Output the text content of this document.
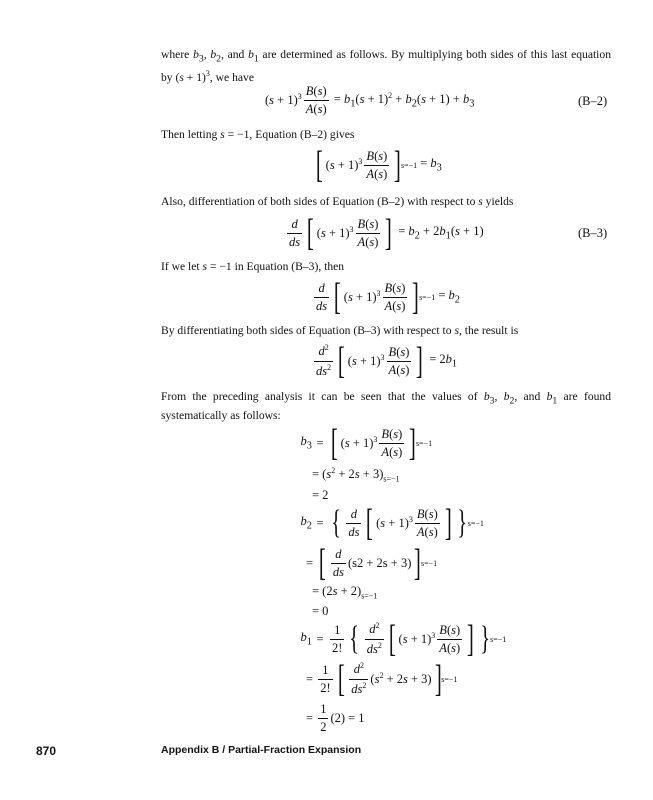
where $b_3$, $b_2$, and $b_1$ are determined as follows. By multiplying both sides of this last equation by $(s + 1)^3$, we have
$(s + 1)^3 \frac{B(s)}{A(s)} = b_1(s + 1)^2 + b_2(s + 1) + b_3$	(B–2)
Then letting s = −1, Equation (B–2) gives
[ $(s + 1)^3 \frac{B(s)}{A(s)}$ ] $s=-1 = b_3$
Also, differentiation of both sides of Equation (B–2) with respect to s yields
$\frac{d}{ds}$ [ $(s + 1)^3 \frac{B(s)}{A(s)}$ ] = $b_2 + 2b_1(s + 1)$	(B–3)
If we let s = −1 in Equation (B–3), then
$\frac{d}{ds}$ [ $(s + 1)^3 \frac{B(s)}{A(s)}$ ] $s=-1 = b_2$
By differentiating both sides of Equation (B–3) with respect to s, the result is
$\frac{d^2}{ds^2}$ [ $(s + 1)^3 \frac{B(s)}{A(s)}$ ] = $2b_1$
From the preceding analysis it can be seen that the values of $b_3$, $b_2$, and $b_1$ are found systematically as follows:
$b_3$ = [ $(s + 1)^3 \frac{B(s)}{A(s)}$ ] s=−1
= $(s^2 + 2s + 3)_{s=-1}$
= 2
$b_2$ = { $\frac{d}{ds}$ [ $(s + 1)^3 \frac{B(s)}{A(s)}$ ] } s=−1
= [ $\frac{d}{ds} (s2 + 2s + 3)$ ] s=−1
= $(2s + 2)_{s=-1}$
= 0
$b_1 = \frac{1}{2!}$ { $\frac{d^2}{ds^2}$ [ $(s + 1)^3 \frac{B(s)}{A(s)}$ ] } s=−1
= $\frac{1}{2!}$ [ $\frac{d^2}{ds^2} (s^2 + 2s + 3)$ ] s=−1
= $\frac{1}{2} (2) = 1$
870	Appendix B / Partial-Fraction Expansion
